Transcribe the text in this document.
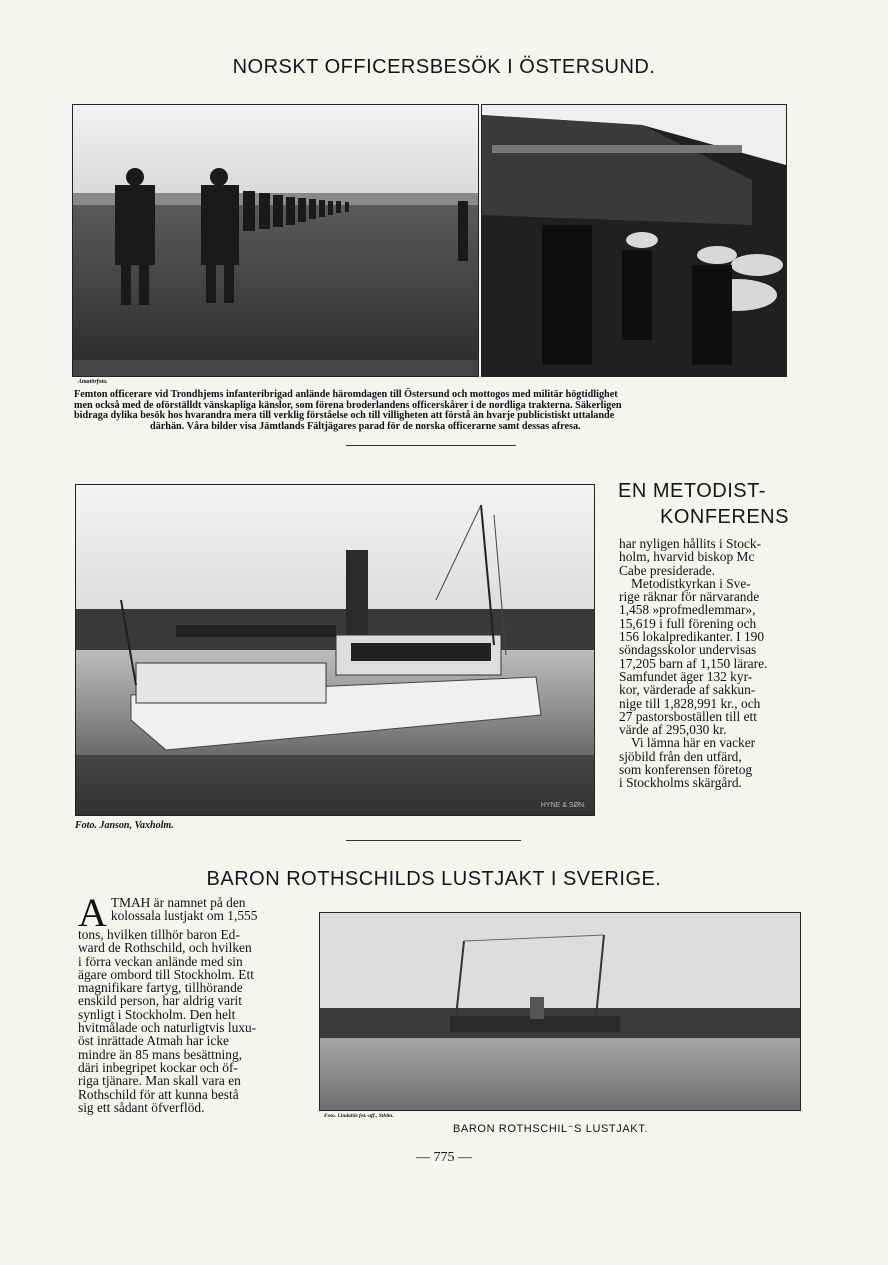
NORSKT OFFICERSBESÖK I ÖSTERSUND.
Amatörfoto.
Femton officerare vid Trondhjems infanteribrigad anlände häromdagen till Östersund och mottogos med militär högtidlighet
men också med de oförställdt vänskapliga känslor, som förena broderlandens officerskårer i de nordliga trakterna. Säkerligen
bidraga dylika besök hos hvarandra mera till verklig förståelse och till villigheten att förstå än hvarje publicistiskt uttalande
därhän. Våra bilder visa Jämtlands Fältjägares parad för de norska officerarne samt dessas afresa.
HYNE & SØN.
Foto. Janson, Vaxholm.
EN METODIST-
KONFERENS
har nyligen hållits i Stock-
holm, hvarvid biskop Mc
Cabe presiderade.
Metodistkyrkan i Sve-
rige räknar för närvarande
1,458 »profmedlemmar»,
15,619 i full förening och
156 lokalpredikanter. I 190
söndagsskolor undervisas
17,205 barn af 1,150 lärare.
Samfundet äger 132 kyr-
kor, värderade af sakkun-
nige till 1,828,991 kr., och
27 pastorsboställen till ett
värde af 295,030 kr.
Vi lämna här en vacker
sjöbild från den utfärd,
som konferensen företog
i Stockholms skärgård.
BARON ROTHSCHILDS LUSTJAKT I SVERIGE.
A TMAH är namnet på den
kolossala lustjakt om 1,555
tons, hvilken tillhör baron Ed-
ward de Rothschild, och hvilken
i förra veckan anlände med sin
ägare ombord till Stockholm. Ett
magnifikare fartyg, tillhörande
enskild person, har aldrig varit
synligt i Stockholm. Den helt
hvitmålade och naturligtvis luxu-
öst inrättade Atmah har icke
mindre än 85 mans besättning,
däri inbegripet kockar och öf-
riga tjänare. Man skall vara en
Rothschild för att kunna bestå
sig ett sådant öfverflöd.
Foto. Lindahls fot.-aff., Sthlm.
BARON ROTHSCHIL⁻S LUSTJAKT.
— 775 —
